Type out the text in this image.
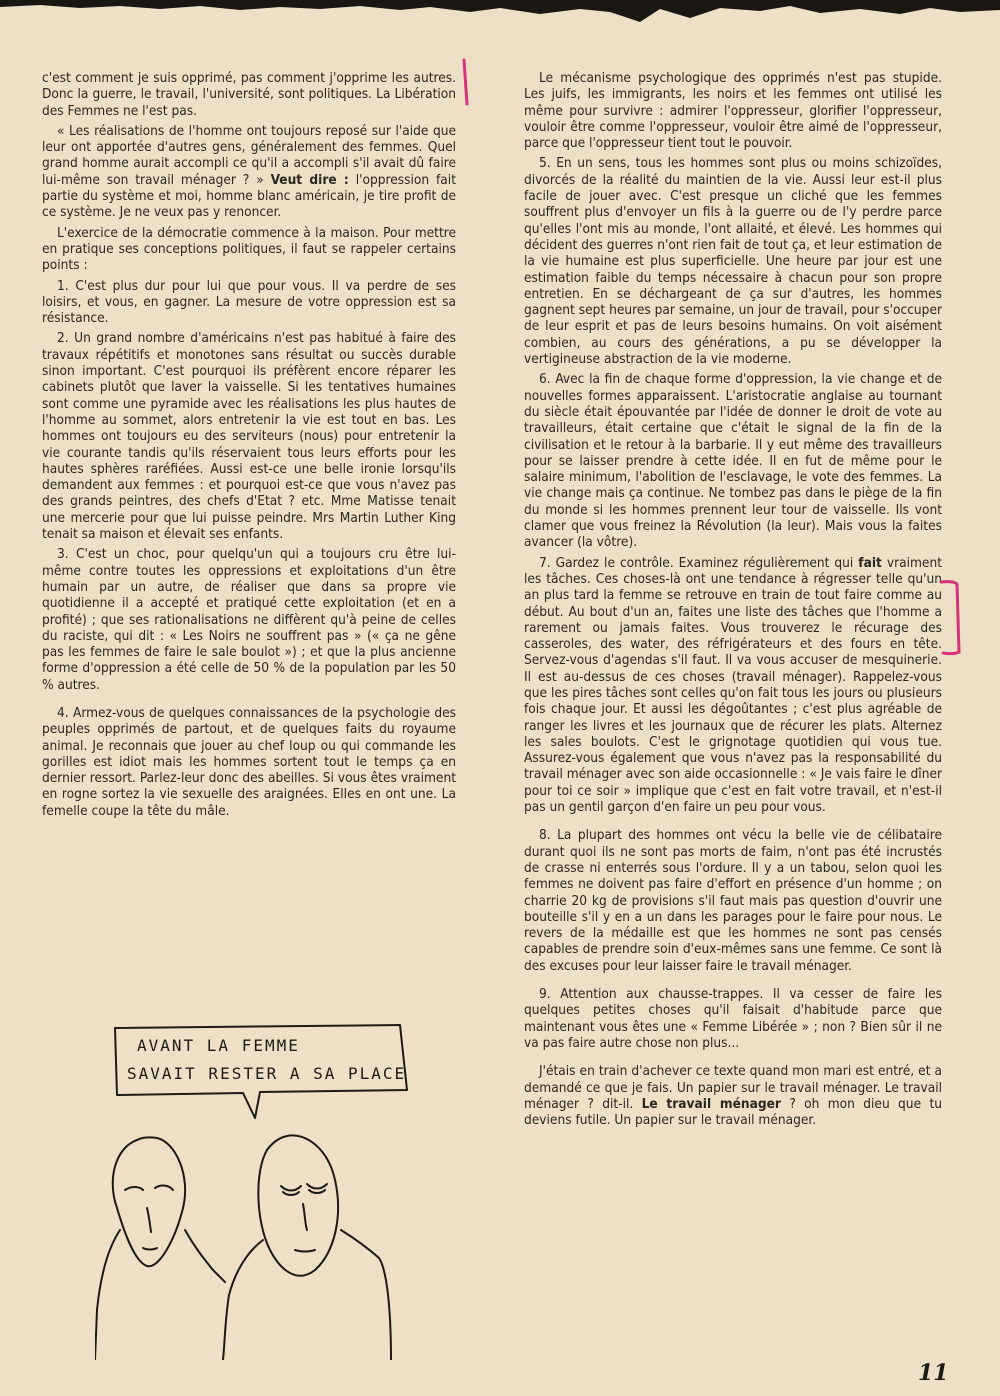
c'est comment je suis opprimé, pas comment j'opprime les autres. Donc la guerre, le travail, l'université, sont politiques. La Libération des Femmes ne l'est pas.

« Les réalisations de l'homme ont toujours reposé sur l'aide que leur ont apportée d'autres gens, généralement des femmes. Quel grand homme aurait accompli ce qu'il a accompli s'il avait dû faire lui-même son travail ménager ? » Veut dire : l'oppression fait partie du système et moi, homme blanc américain, je tire profit de ce système. Je ne veux pas y renoncer.

L'exercice de la démocratie commence à la maison. Pour mettre en pratique ses conceptions politiques, il faut se rappeler certains points :

1. C'est plus dur pour lui que pour vous. Il va perdre de ses loisirs, et vous, en gagner. La mesure de votre oppression est sa résistance.

2. Un grand nombre d'américains n'est pas habitué à faire des travaux répétitifs et monotones sans résultat ou succès durable sinon important. C'est pourquoi ils préfèrent encore réparer les cabinets plutôt que laver la vaisselle. Si les tentatives humaines sont comme une pyramide avec les réalisations les plus hautes de l'homme au sommet, alors entretenir la vie est tout en bas. Les hommes ont toujours eu des serviteurs (nous) pour entretenir la vie courante tandis qu'ils réservaient tous leurs efforts pour les hautes sphères raréfiées. Aussi est-ce une belle ironie lorsqu'ils demandent aux femmes : et pourquoi est-ce que vous n'avez pas des grands peintres, des chefs d'Etat ? etc. Mme Matisse tenait une mercerie pour que lui puisse peindre. Mrs Martin Luther King tenait sa maison et élevait ses enfants.

3. C'est un choc, pour quelqu'un qui a toujours cru être lui-même contre toutes les oppressions et exploitations d'un être humain par un autre, de réaliser que dans sa propre vie quotidienne il a accepté et pratiqué cette exploitation (et en a profité) ; que ses rationalisations ne diffèrent qu'à peine de celles du raciste, qui dit : « Les Noirs ne souffrent pas » (« ça ne gêne pas les femmes de faire le sale boulot ») ; et que la plus ancienne forme d'oppression a été celle de 50 % de la population par les 50 % autres.

4. Armez-vous de quelques connaissances de la psychologie des peuples opprimés de partout, et de quelques faits du royaume animal. Je reconnais que jouer au chef loup ou qui commande les gorilles est idiot mais les hommes sortent tout le temps ça en dernier ressort. Parlez-leur donc des abeilles. Si vous êtes vraiment en rogne sortez la vie sexuelle des araignées. Elles en ont une. La femelle coupe la tête du mâle.

Le mécanisme psychologique des opprimés n'est pas stupide. Les juifs, les immigrants, les noirs et les femmes ont utilisé les même pour survivre : admirer l'oppresseur, glorifier l'oppresseur, vouloir être comme l'oppresseur, vouloir être aimé de l'oppresseur, parce que l'oppresseur tient tout le pouvoir.

5. En un sens, tous les hommes sont plus ou moins schizoïdes, divorcés de la réalité du maintien de la vie. Aussi leur est-il plus facile de jouer avec. C'est presque un cliché que les femmes souffrent plus d'envoyer un fils à la guerre ou de l'y perdre parce qu'elles l'ont mis au monde, l'ont allaité, et élevé. Les hommes qui décident des guerres n'ont rien fait de tout ça, et leur estimation de la vie humaine est plus superficielle. Une heure par jour est une estimation faible du temps nécessaire à chacun pour son propre entretien. En se déchargeant de ça sur d'autres, les hommes gagnent sept heures par semaine, un jour de travail, pour s'occuper de leur esprit et pas de leurs besoins humains. On voit aisément combien, au cours des générations, a pu se développer la vertigineuse abstraction de la vie moderne.

6. Avec la fin de chaque forme d'oppression, la vie change et de nouvelles formes apparaissent. L'aristocratie anglaise au tournant du siècle était épouvantée par l'idée de donner le droit de vote au travailleurs, était certaine que c'était le signal de la fin de la civilisation et le retour à la barbarie. Il y eut même des travailleurs pour se laisser prendre à cette idée. Il en fut de même pour le salaire minimum, l'abolition de l'esclavage, le vote des femmes. La vie change mais ça continue. Ne tombez pas dans le piège de la fin du monde si les hommes prennent leur tour de vaisselle. Ils vont clamer que vous freinez la Révolution (la leur). Mais vous la faites avancer (la vôtre).

7. Gardez le contrôle. Examinez régulièrement qui fait vraiment les tâches. Ces choses-là ont une tendance à régresser telle qu'un an plus tard la femme se retrouve en train de tout faire comme au début. Au bout d'un an, faites une liste des tâches que l'homme a rarement ou jamais faites. Vous trouverez le récurage des casseroles, des water, des réfrigérateurs et des fours en tête. Servez-vous d'agendas s'il faut. Il va vous accuser de mesquinerie. Il est au-dessus de ces choses (travail ménager). Rappelez-vous que les pires tâches sont celles qu'on fait tous les jours ou plusieurs fois chaque jour. Et aussi les dégoûtantes ; c'est plus agréable de ranger les livres et les journaux que de récurer les plats. Alternez les sales boulots. C'est le grignotage quotidien qui vous tue. Assurez-vous également que vous n'avez pas la responsabilité du travail ménager avec son aide occasionnelle : « Je vais faire le dîner pour toi ce soir » implique que c'est en fait votre travail, et n'est-il pas un gentil garçon d'en faire un peu pour vous.

8. La plupart des hommes ont vécu la belle vie de célibataire durant quoi ils ne sont pas morts de faim, n'ont pas été incrustés de crasse ni enterrés sous l'ordure. Il y a un tabou, selon quoi les femmes ne doivent pas faire d'effort en présence d'un homme ; on charrie 20 kg de provisions s'il faut mais pas question d'ouvrir une bouteille s'il y en a un dans les parages pour le faire pour nous. Le revers de la médaille est que les hommes ne sont pas censés capables de prendre soin d'eux-mêmes sans une femme. Ce sont là des excuses pour leur laisser faire le travail ménager.

9. Attention aux chausse-trappes. Il va cesser de faire les quelques petites choses qu'il faisait d'habitude parce que maintenant vous êtes une « Femme Libérée » ; non ? Bien sûr il ne va pas faire autre chose non plus...

J'étais en train d'achever ce texte quand mon mari est entré, et a demandé ce que je fais. Un papier sur le travail ménager. Le travail ménager ? dit-il. Le travail ménager ? oh mon dieu que tu deviens futile. Un papier sur le travail ménager.

AVANT LA FEMME
SAVAIT RESTER A SA PLACE
11
